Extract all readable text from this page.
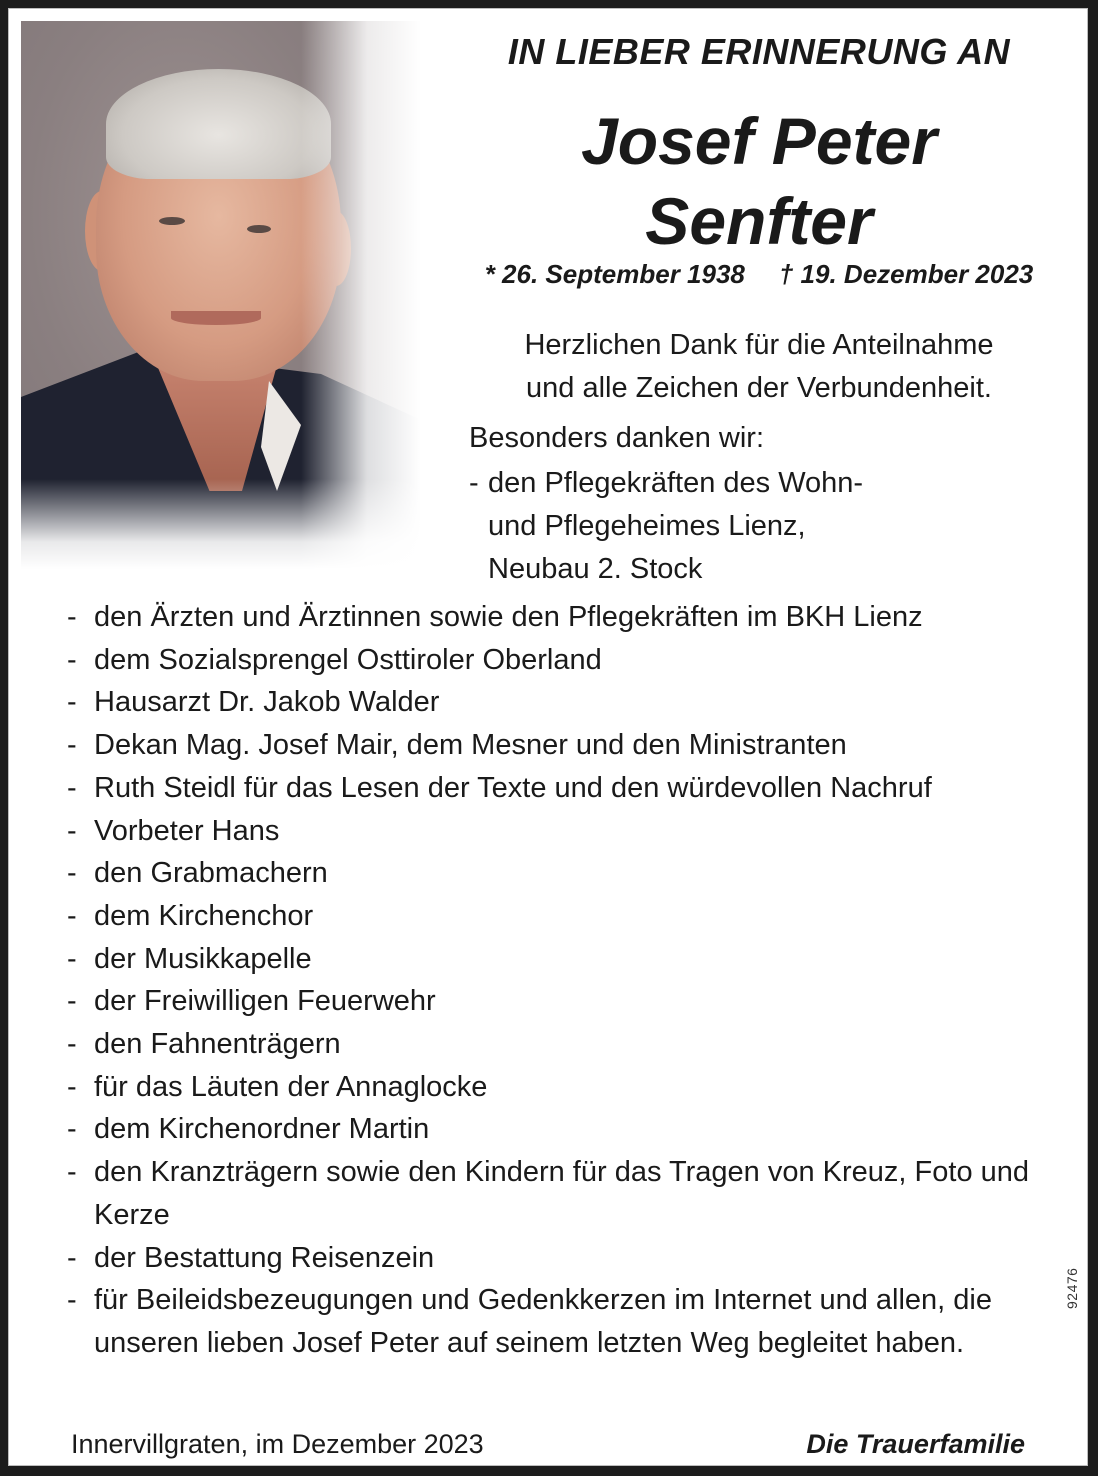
IN LIEBER ERINNERUNG AN
Josef Peter
Senfter
* 26. September 1938 † 19. Dezember 2023
Herzlichen Dank für die Anteilnahme
und alle Zeichen der Verbundenheit.
Besonders danken wir:
- den Pflegekräften des Wohn-
und Pflegeheimes Lienz,
Neubau 2. Stock
- den Ärzten und Ärztinnen sowie den Pflegekräften im BKH Lienz
- dem Sozialsprengel Osttiroler Oberland
- Hausarzt Dr. Jakob Walder
- Dekan Mag. Josef Mair, dem Mesner und den Ministranten
- Ruth Steidl für das Lesen der Texte und den würdevollen Nachruf
- Vorbeter Hans
- den Grabmachern
- dem Kirchenchor
- der Musikkapelle
- der Freiwilligen Feuerwehr
- den Fahnenträgern
- für das Läuten der Annaglocke
- dem Kirchenordner Martin
- den Kranzträgern sowie den Kindern für das Tragen von Kreuz, Foto und Kerze
- der Bestattung Reisenzein
- für Beileidsbezeugungen und Gedenkkerzen im Internet und allen, die unseren lieben Josef Peter auf seinem letzten Weg begleitet haben.
Innervillgraten, im Dezember 2023	Die Trauerfamilie
92476
